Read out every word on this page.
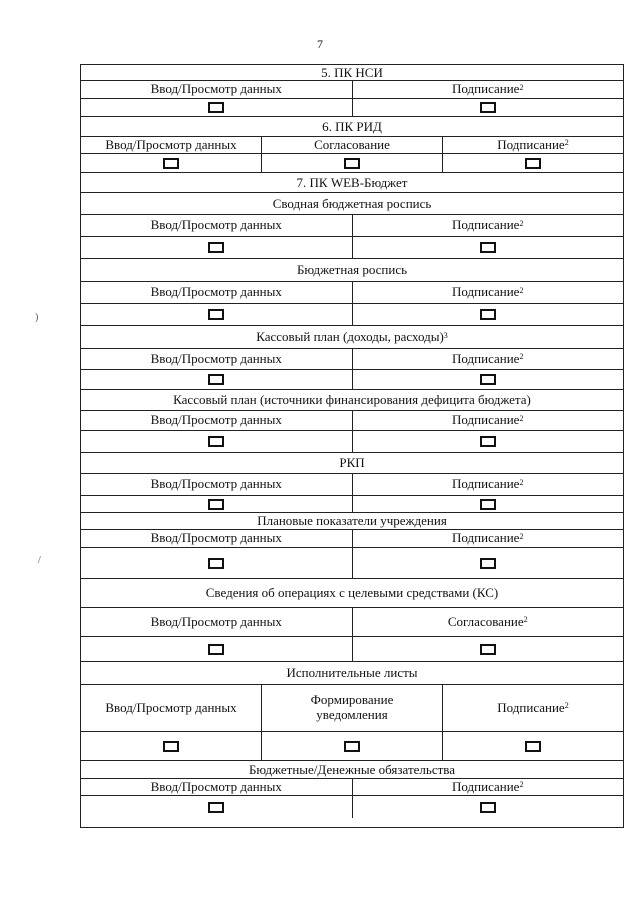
7
)
/
5. ПК НСИ
Ввод/Просмотр данных	Подписание$^2$
6. ПК РИД
Ввод/Просмотр данных	Согласование	Подписание$^2$
7. ПК WEB-Бюджет
Сводная бюджетная роспись
Ввод/Просмотр данных	Подписание$^2$
Бюджетная роспись
Ввод/Просмотр данных	Подписание$^2$
Кассовый план (доходы, расходы)$^3$
Ввод/Просмотр данных	Подписание$^2$
Кассовый план (источники финансирования дефицита бюджета)
Ввод/Просмотр данных	Подписание$^2$
РКП
Ввод/Просмотр данных	Подписание$^2$
Плановые показатели учреждения
Ввод/Просмотр данных	Подписание$^2$
Сведения об операциях с целевыми средствами (КС)
Ввод/Просмотр данных	Согласование$^2$
Исполнительные листы
Ввод/Просмотр данных	Формирование уведомления	Подписание$^2$
Бюджетные/Денежные обязательства
Ввод/Просмотр данных	Подписание$^2$
